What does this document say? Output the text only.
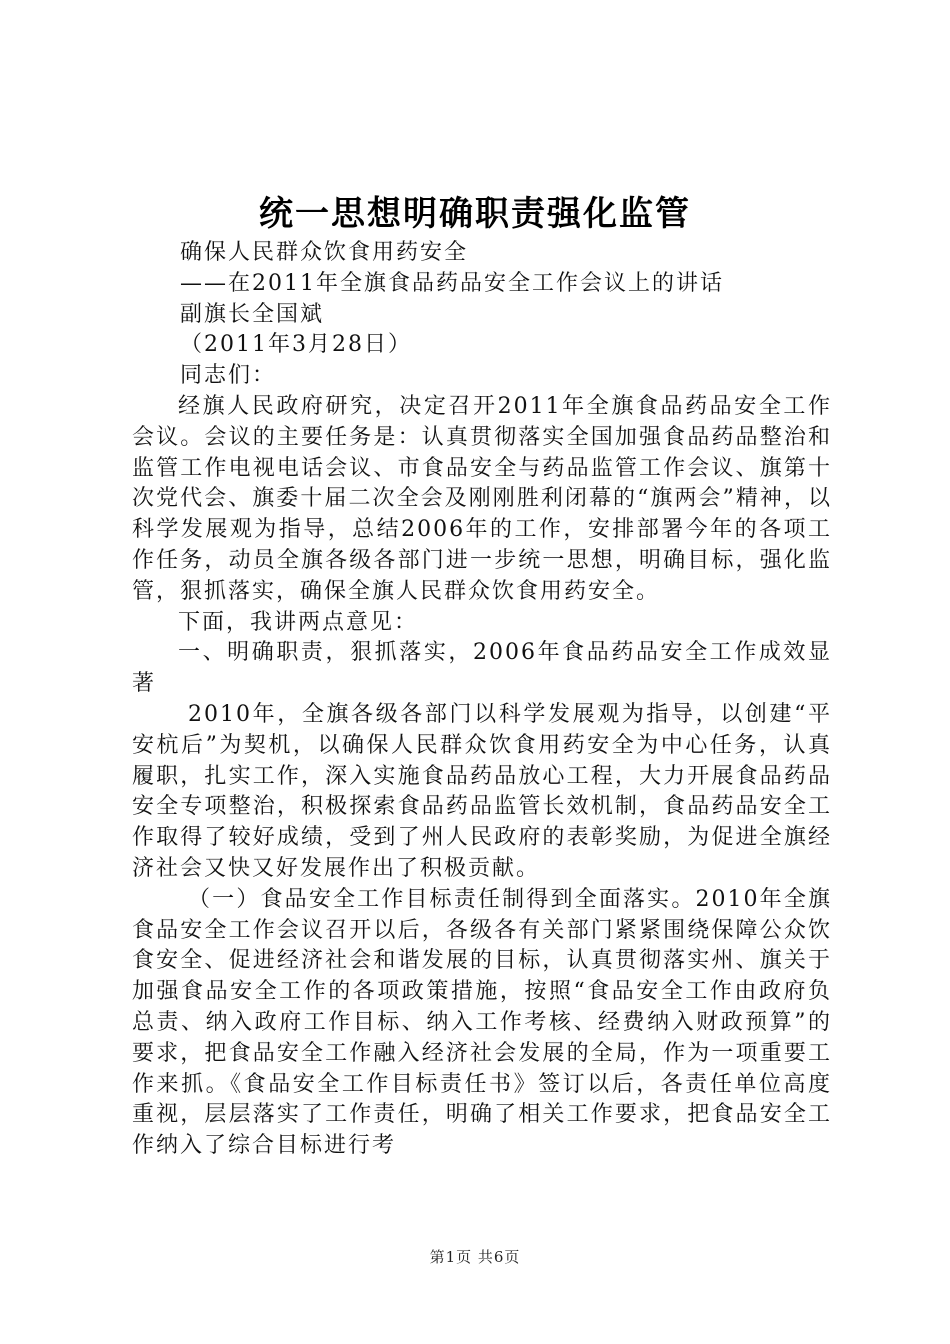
统一思想明确职责强化监管

确保人民群众饮食用药安全

——在2011年全旗食品药品安全工作会议上的讲话

副旗长全国斌

（2011年3月28日）

同志们：

经旗人民政府研究，决定召开2011年全旗食品药品安全工作会议。会议的主要任务是：认真贯彻落实全国加强食品药品整治和监管工作电视电话会议、市食品安全与药品监管工作会议、旗第十次党代会、旗委十届二次全会及刚刚胜利闭幕的“旗两会”精神，以科学发展观为指导，总结2006年的工作，安排部署今年的各项工作任务，动员全旗各级各部门进一步统一思想，明确目标，强化监管，狠抓落实，确保全旗人民群众饮食用药安全。

下面，我讲两点意见：

一、明确职责，狠抓落实，2006年食品药品安全工作成效显著

2010年，全旗各级各部门以科学发展观为指导，以创建“平安杭后”为契机，以确保人民群众饮食用药安全为中心任务，认真履职，扎实工作，深入实施食品药品放心工程，大力开展食品药品安全专项整治，积极探索食品药品监管长效机制，食品药品安全工作取得了较好成绩，受到了州人民政府的表彰奖励，为促进全旗经济社会又快又好发展作出了积极贡献。

（一）食品安全工作目标责任制得到全面落实。2010年全旗食品安全工作会议召开以后，各级各有关部门紧紧围绕保障公众饮食安全、促进经济社会和谐发展的目标，认真贯彻落实州、旗关于加强食品安全工作的各项政策措施，按照“食品安全工作由政府负总责、纳入政府工作目标、纳入工作考核、经费纳入财政预算”的要求，把食品安全工作融入经济社会发展的全局，作为一项重要工作来抓。《食品安全工作目标责任书》签订以后，各责任单位高度重视，层层落实了工作责任，明确了相关工作要求，把食品安全工作纳入了综合目标进行考

第1页 共6页
